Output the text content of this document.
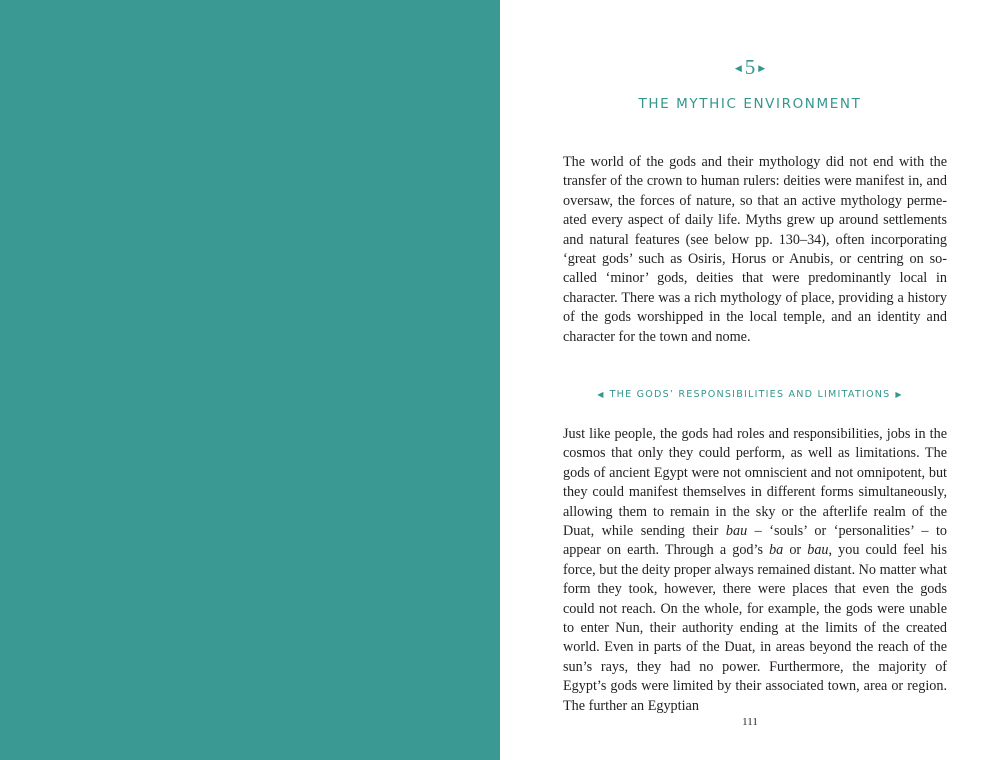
◀ 5 ▶
THE MYTHIC ENVIRONMENT

The world of the gods and their mythology did not end with the transfer of the crown to human rulers: deities were manifest in, and oversaw, the forces of nature, so that an active mythology perme- ated every aspect of daily life. Myths grew up around settlements and natural features (see below pp. 130–34), often incorporating ‘great gods’ such as Osiris, Horus or Anubis, or centring on so-called ‘minor’ gods, deities that were predominantly local in character. There was a rich mythology of place, providing a history of the gods worshipped in the local temple, and an identity and character for the town and nome.

◀ THE GODS’ RESPONSIBILITIES AND LIMITATIONS ▶

Just like people, the gods had roles and responsibilities, jobs in the cosmos that only they could perform, as well as limitations. The gods of ancient Egypt were not omniscient and not omnipotent, but they could manifest themselves in different forms simultaneously, allowing them to remain in the sky or the afterlife realm of the Duat, while sending their bau – ‘souls’ or ‘personalities’ – to appear on earth. Through a god’s ba or bau, you could feel his force, but the deity proper always remained distant. No matter what form they took, however, there were places that even the gods could not reach. On the whole, for example, the gods were unable to enter Nun, their authority ending at the limits of the created world. Even in parts of the Duat, in areas beyond the reach of the sun’s rays, they had no power. Furthermore, the majority of Egypt’s gods were limited by their associated town, area or region. The further an Egyptian

111
